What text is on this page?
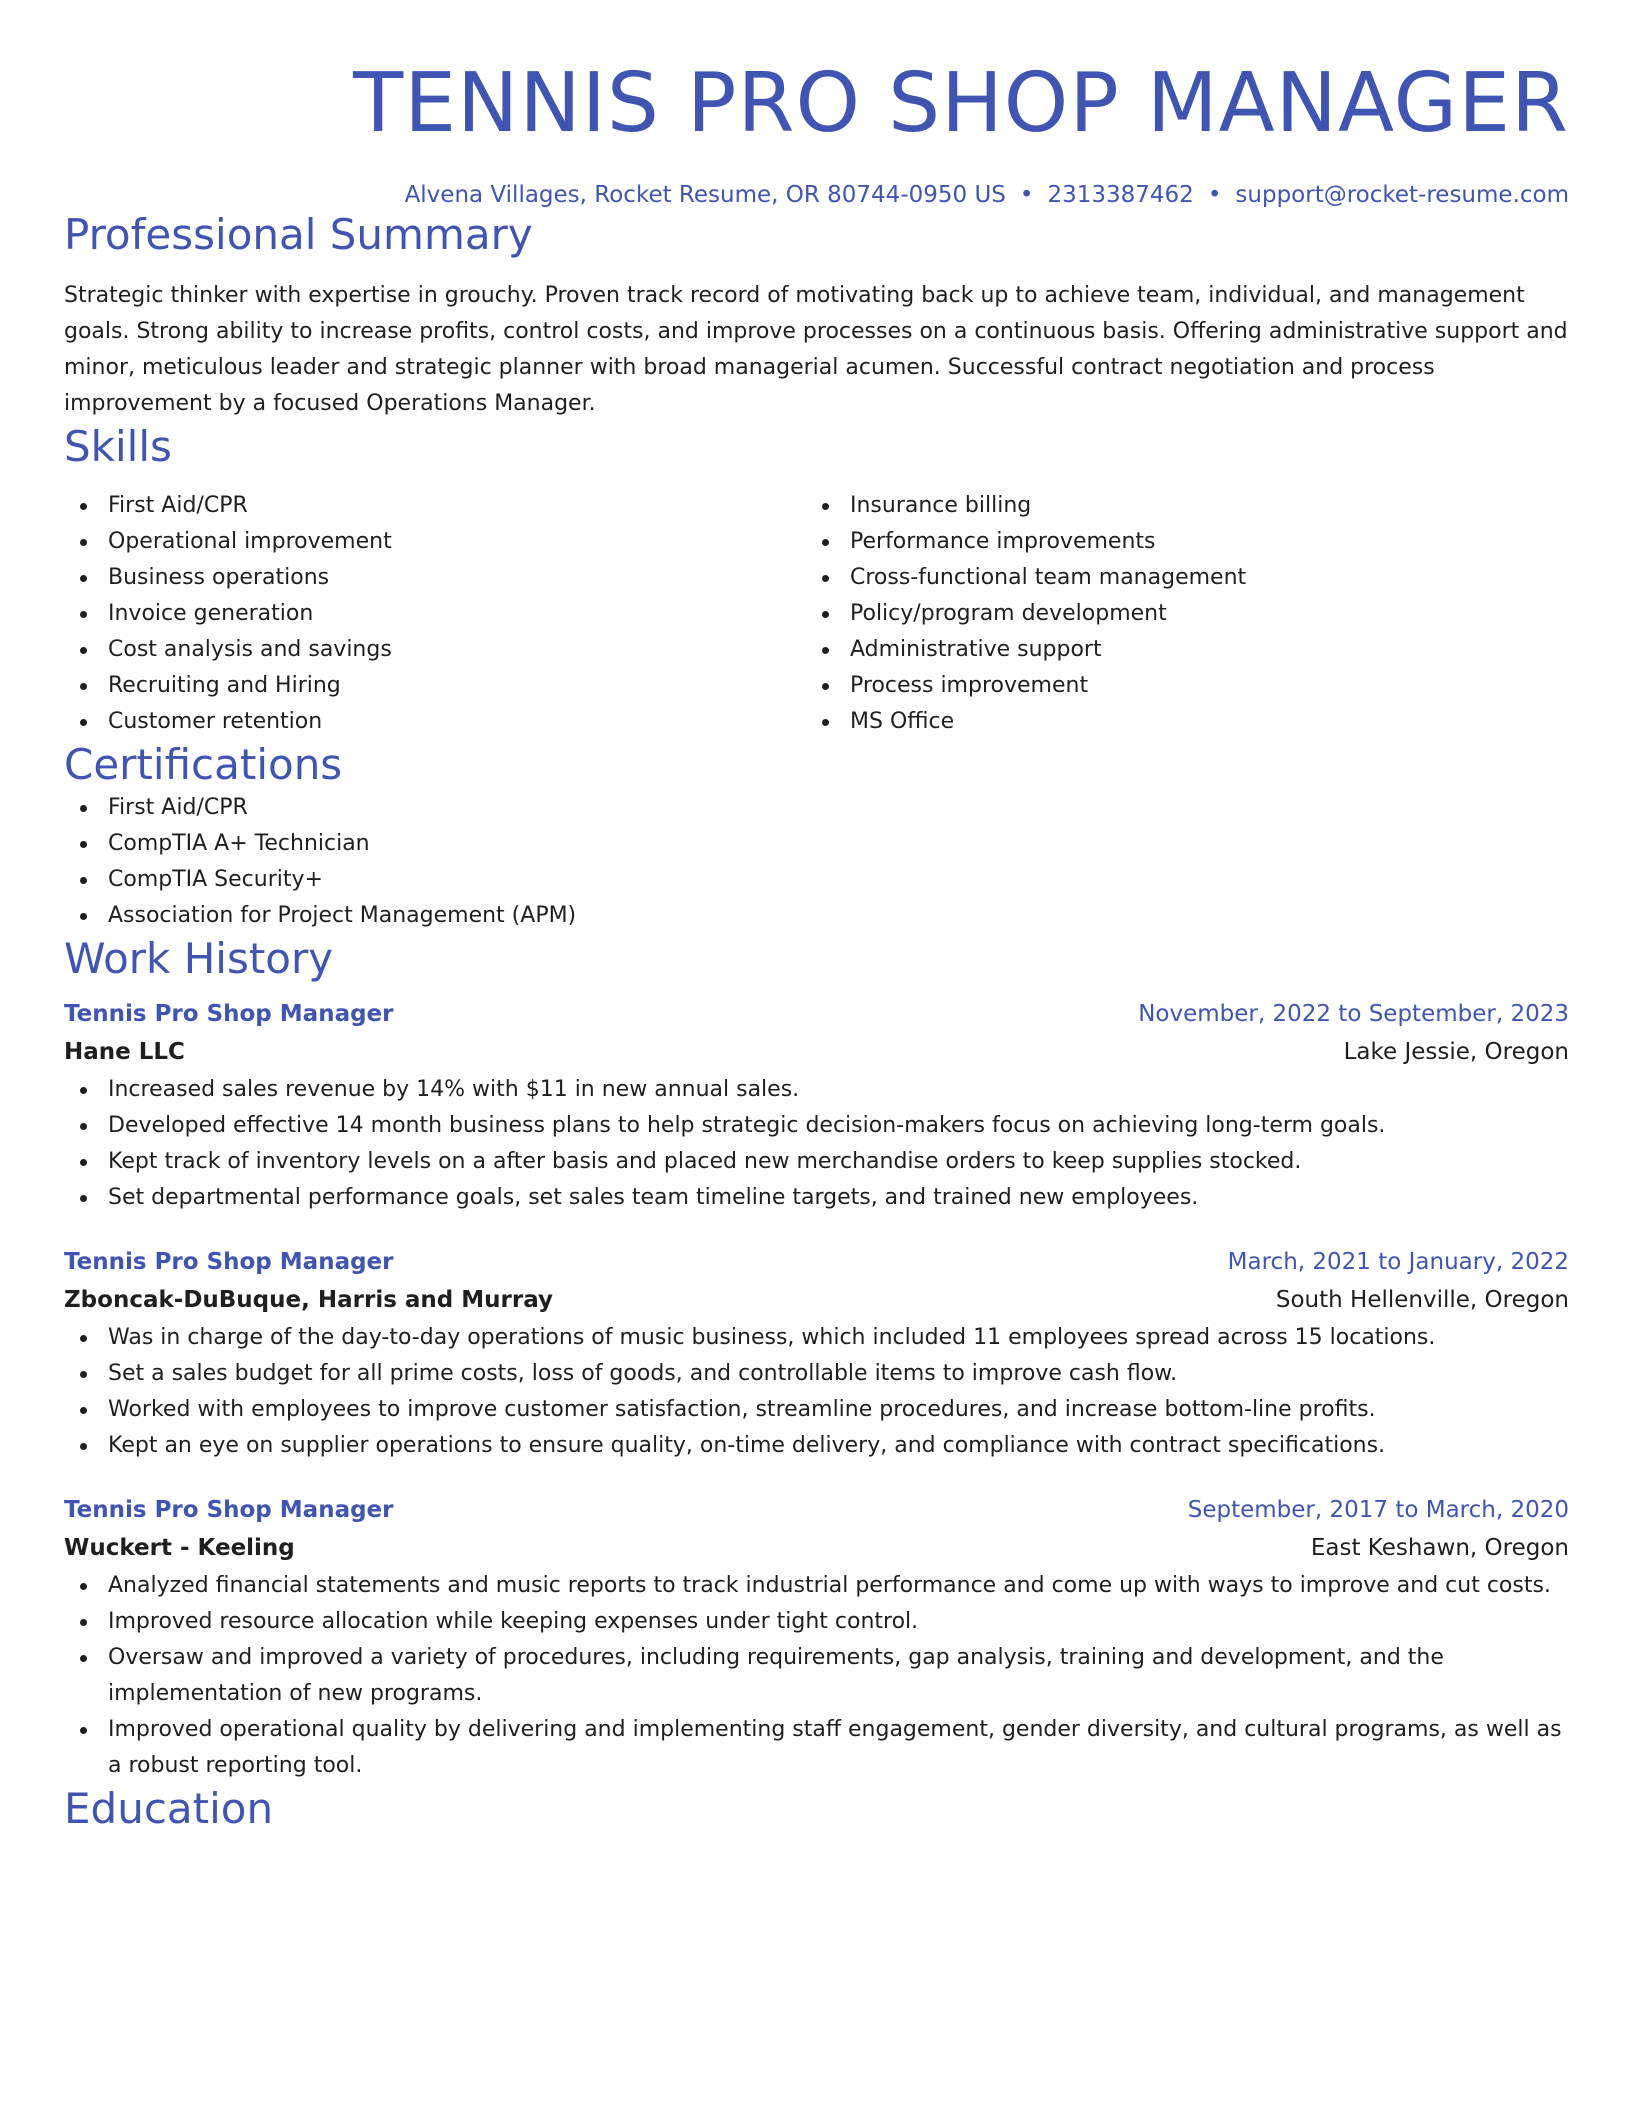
TENNIS PRO SHOP MANAGER
Alvena Villages, Rocket Resume, OR 80744-0950 US • 2313387462 • support@rocket-resume.com
Professional Summary
Strategic thinker with expertise in grouchy. Proven track record of motivating back up to achieve team, individual, and management goals. Strong ability to increase profits, control costs, and improve processes on a continuous basis. Offering administrative support and minor, meticulous leader and strategic planner with broad managerial acumen. Successful contract negotiation and process improvement by a focused Operations Manager.
Skills
First Aid/CPR
Operational improvement
Business operations
Invoice generation
Cost analysis and savings
Recruiting and Hiring
Customer retention
Insurance billing
Performance improvements
Cross-functional team management
Policy/program development
Administrative support
Process improvement
MS Office
Certifications
First Aid/CPR
CompTIA A+ Technician
CompTIA Security+
Association for Project Management (APM)
Work History
Tennis Pro Shop Manager	November, 2022 to September, 2023
Hane LLC	Lake Jessie, Oregon
Increased sales revenue by 14% with $11 in new annual sales.
Developed effective 14 month business plans to help strategic decision-makers focus on achieving long-term goals.
Kept track of inventory levels on a after basis and placed new merchandise orders to keep supplies stocked.
Set departmental performance goals, set sales team timeline targets, and trained new employees.
Tennis Pro Shop Manager	March, 2021 to January, 2022
Zboncak-DuBuque, Harris and Murray	South Hellenville, Oregon
Was in charge of the day-to-day operations of music business, which included 11 employees spread across 15 locations.
Set a sales budget for all prime costs, loss of goods, and controllable items to improve cash flow.
Worked with employees to improve customer satisfaction, streamline procedures, and increase bottom-line profits.
Kept an eye on supplier operations to ensure quality, on-time delivery, and compliance with contract specifications.
Tennis Pro Shop Manager	September, 2017 to March, 2020
Wuckert - Keeling	East Keshawn, Oregon
Analyzed financial statements and music reports to track industrial performance and come up with ways to improve and cut costs.
Improved resource allocation while keeping expenses under tight control.
Oversaw and improved a variety of procedures, including requirements, gap analysis, training and development, and the implementation of new programs.
Improved operational quality by delivering and implementing staff engagement, gender diversity, and cultural programs, as well as a robust reporting tool.
Education
